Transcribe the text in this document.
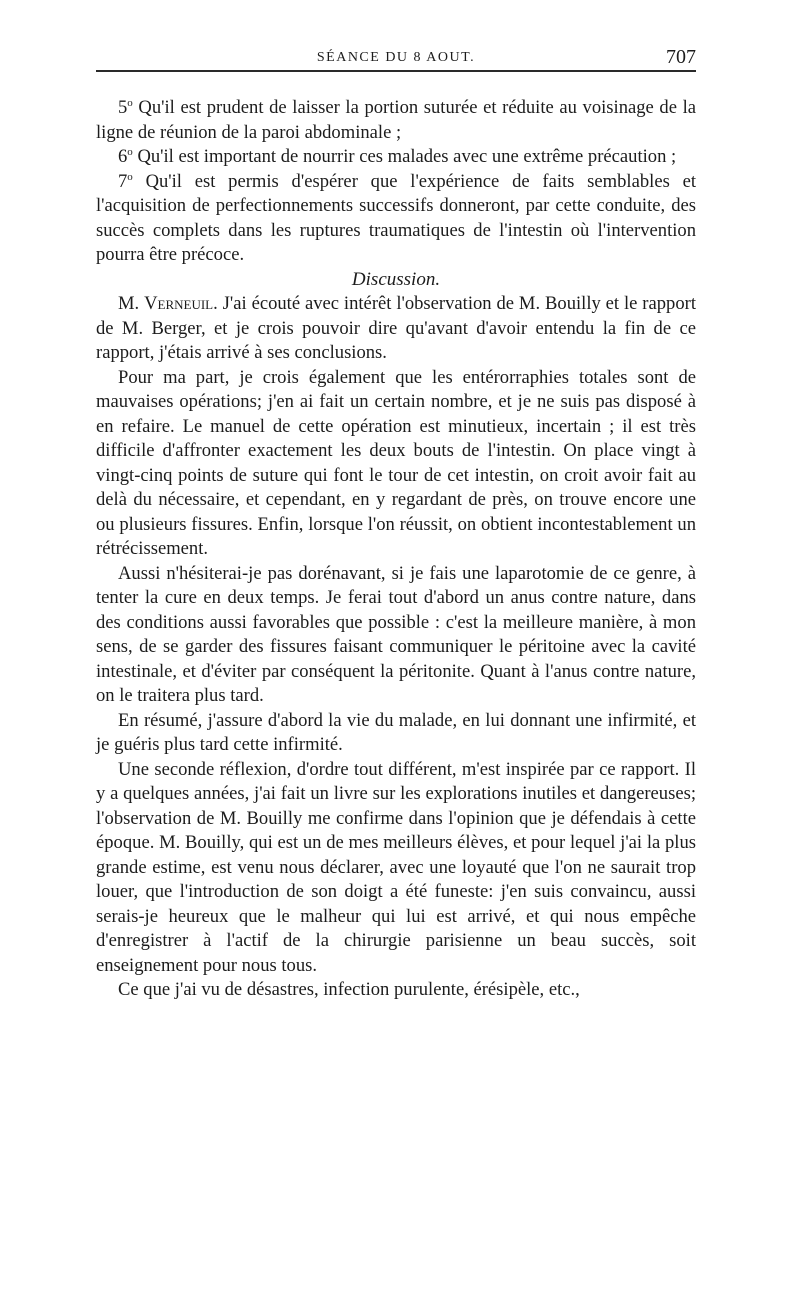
SÉANCE DU 8 AOUT.	707

5$^o$ Qu'il est prudent de laisser la portion suturée et réduite au voisinage de la ligne de réunion de la paroi abdominale ;

6$^o$ Qu'il est important de nourrir ces malades avec une extrême précaution ;

7$^o$ Qu'il est permis d'espérer que l'expérience de faits semblables et l'acquisition de perfectionnements successifs donneront, par cette conduite, des succès complets dans les ruptures traumatiques de l'intestin où l'intervention pourra être précoce.

Discussion.

M. Verneuil. J'ai écouté avec intérêt l'observation de M. Bouilly et le rapport de M. Berger, et je crois pouvoir dire qu'avant d'avoir entendu la fin de ce rapport, j'étais arrivé à ses conclusions.

Pour ma part, je crois également que les entérorraphies totales sont de mauvaises opérations; j'en ai fait un certain nombre, et je ne suis pas disposé à en refaire. Le manuel de cette opération est minutieux, incertain ; il est très difficile d'affronter exactement les deux bouts de l'intestin. On place vingt à vingt-cinq points de suture qui font le tour de cet intestin, on croit avoir fait au delà du nécessaire, et cependant, en y regardant de près, on trouve encore une ou plusieurs fissures. Enfin, lorsque l'on réussit, on obtient incontestablement un rétrécissement.

Aussi n'hésiterai-je pas dorénavant, si je fais une laparotomie de ce genre, à tenter la cure en deux temps. Je ferai tout d'abord un anus contre nature, dans des conditions aussi favorables que possible : c'est la meilleure manière, à mon sens, de se garder des fissures faisant communiquer le péritoine avec la cavité intestinale, et d'éviter par conséquent la péritonite. Quant à l'anus contre nature, on le traitera plus tard.

En résumé, j'assure d'abord la vie du malade, en lui donnant une infirmité, et je guéris plus tard cette infirmité.

Une seconde réflexion, d'ordre tout différent, m'est inspirée par ce rapport. Il y a quelques années, j'ai fait un livre sur les explorations inutiles et dangereuses; l'observation de M. Bouilly me confirme dans l'opinion que je défendais à cette époque. M. Bouilly, qui est un de mes meilleurs élèves, et pour lequel j'ai la plus grande estime, est venu nous déclarer, avec une loyauté que l'on ne saurait trop louer, que l'introduction de son doigt a été funeste: j'en suis convaincu, aussi serais-je heureux que le malheur qui lui est arrivé, et qui nous empêche d'enregistrer à l'actif de la chirurgie parisienne un beau succès, soit enseignement pour nous tous.

Ce que j'ai vu de désastres, infection purulente, érésipèle, etc.,
